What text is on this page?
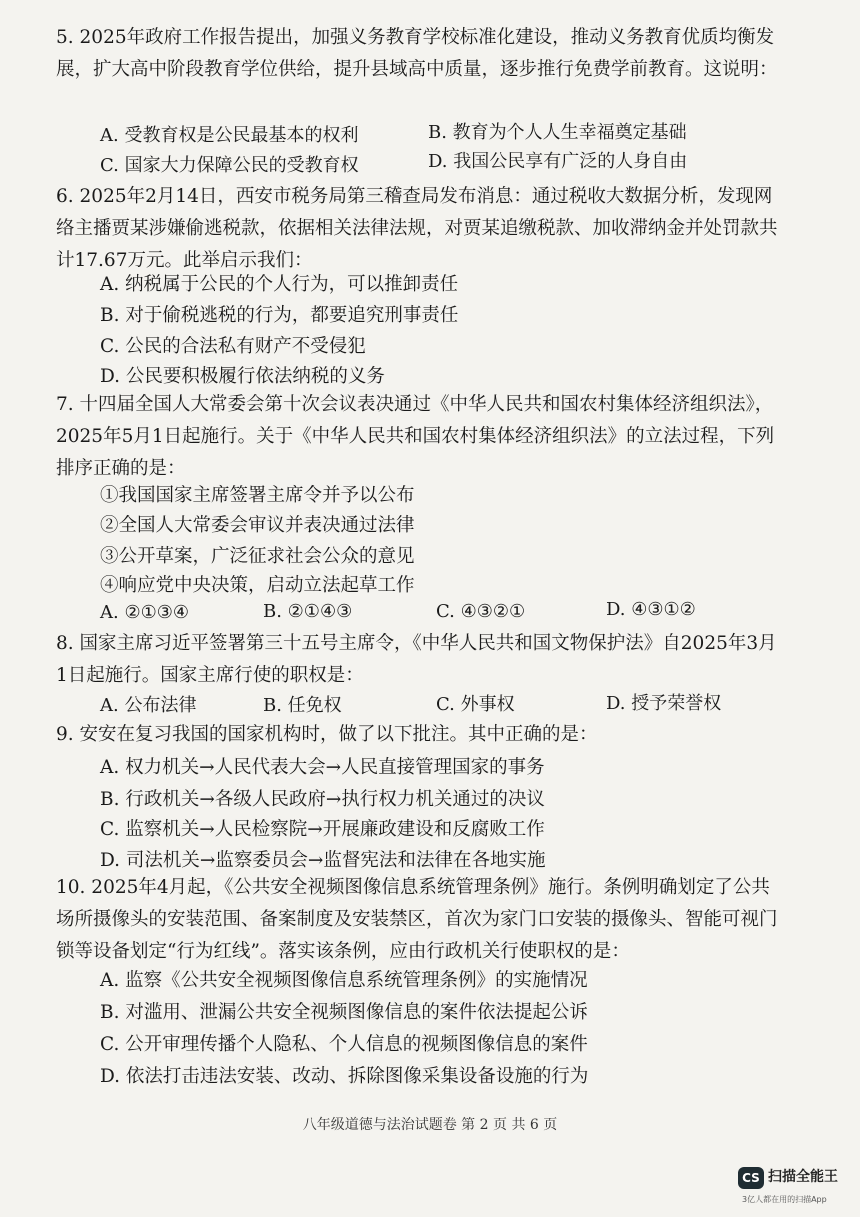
5. 2025年政府工作报告提出，加强义务教育学校标准化建设，推动义务教育优质均衡发展，扩大高中阶段教育学位供给，提升县域高中质量，逐步推行免费学前教育。这说明：
A. 受教育权是公民最基本的权利	B. 教育为个人人生幸福奠定基础
C. 国家大力保障公民的受教育权	D. 我国公民享有广泛的人身自由
6. 2025年2月14日，西安市税务局第三稽查局发布消息：通过税收大数据分析，发现网络主播贾某涉嫌偷逃税款，依据相关法律法规，对贾某追缴税款、加收滞纳金并处罚款共计17.67万元。此举启示我们：
A. 纳税属于公民的个人行为，可以推卸责任
B. 对于偷税逃税的行为，都要追究刑事责任
C. 公民的合法私有财产不受侵犯
D. 公民要积极履行依法纳税的义务
7. 十四届全国人大常委会第十次会议表决通过《中华人民共和国农村集体经济组织法》，2025年5月1日起施行。关于《中华人民共和国农村集体经济组织法》的立法过程，下列排序正确的是：
①我国国家主席签署主席令并予以公布
②全国人大常委会审议并表决通过法律
③公开草案，广泛征求社会公众的意见
④响应党中央决策，启动立法起草工作
A. ②①③④	B. ②①④③	C. ④③②①	D. ④③①②
8. 国家主席习近平签署第三十五号主席令，《中华人民共和国文物保护法》自2025年3月1日起施行。国家主席行使的职权是：
A. 公布法律	B. 任免权	C. 外事权	D. 授予荣誉权
9. 安安在复习我国的国家机构时，做了以下批注。其中正确的是：
A. 权力机关→人民代表大会→人民直接管理国家的事务
B. 行政机关→各级人民政府→执行权力机关通过的决议
C. 监察机关→人民检察院→开展廉政建设和反腐败工作
D. 司法机关→监察委员会→监督宪法和法律在各地实施
10. 2025年4月起，《公共安全视频图像信息系统管理条例》施行。条例明确划定了公共场所摄像头的安装范围、备案制度及安装禁区，首次为家门口安装的摄像头、智能可视门锁等设备划定“行为红线”。落实该条例，应由行政机关行使职权的是：
A. 监察《公共安全视频图像信息系统管理条例》的实施情况
B. 对滥用、泄漏公共安全视频图像信息的案件依法提起公诉
C. 公开审理传播个人隐私、个人信息的视频图像信息的案件
D. 依法打击违法安装、改动、拆除图像采集设备设施的行为
八年级道德与法治试题卷 第 2 页 共 6 页
CS 扫描全能王
3亿人都在用的扫描App
